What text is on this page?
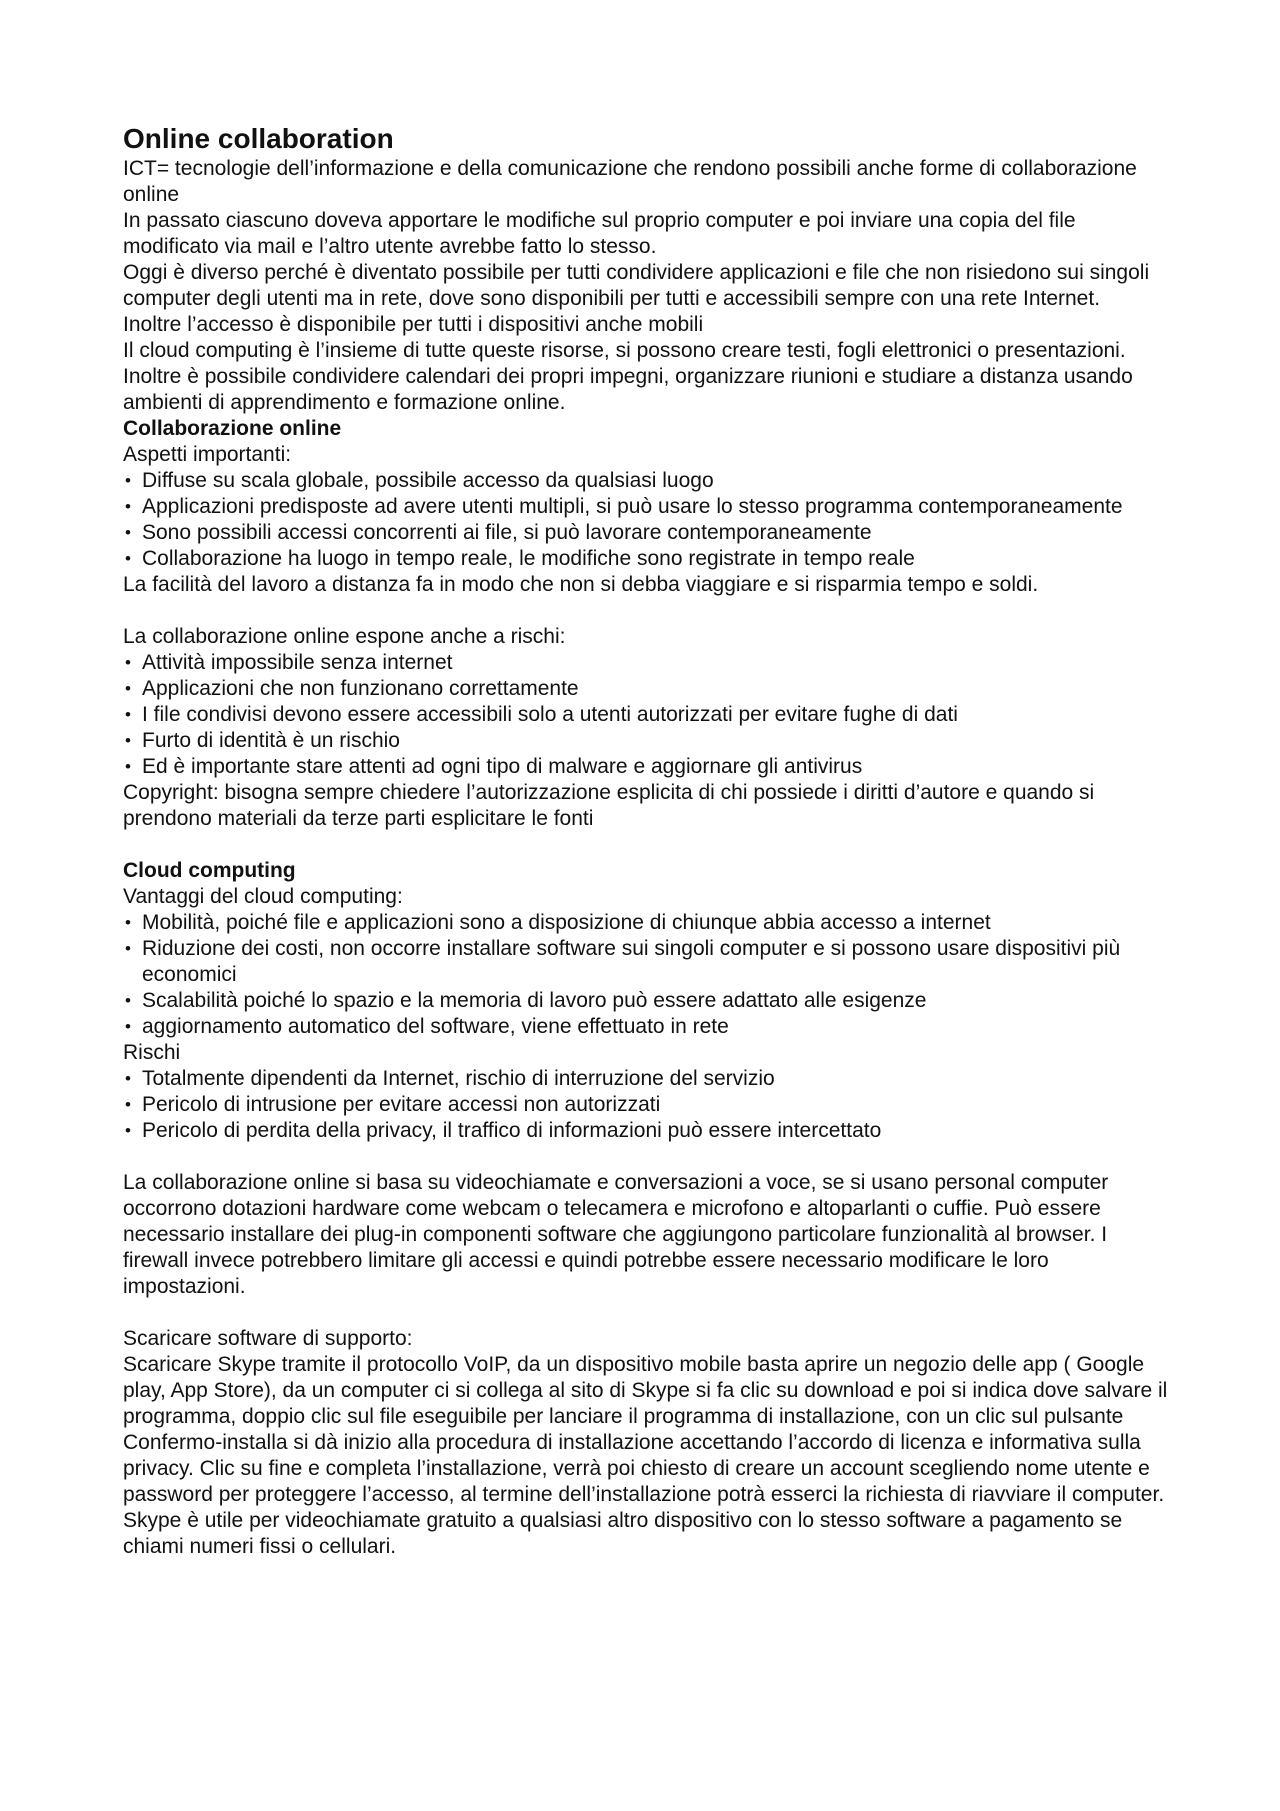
Online collaboration

ICT= tecnologie dell’informazione e della comunicazione che rendono possibili anche forme di collaborazione online

In passato ciascuno doveva apportare le modifiche sul proprio computer e poi inviare una copia del file modificato via mail e l’altro utente avrebbe fatto lo stesso.

Oggi è diverso perché è diventato possibile per tutti condividere applicazioni e file che non risiedono sui singoli computer degli utenti ma in rete, dove sono disponibili per tutti e accessibili sempre con una rete Internet.

Inoltre l’accesso è disponibile per tutti i dispositivi anche mobili

Il cloud computing è l’insieme di tutte queste risorse, si possono creare testi, fogli elettronici o presentazioni. Inoltre è possibile condividere calendari dei propri impegni, organizzare riunioni e studiare a distanza usando ambienti di apprendimento e formazione online.

Collaborazione online

Aspetti importanti:

• Diffuse su scala globale, possibile accesso da qualsiasi luogo
• Applicazioni predisposte ad avere utenti multipli, si può usare lo stesso programma contemporaneamente
• Sono possibili accessi concorrenti ai file, si può lavorare contemporaneamente
• Collaborazione ha luogo in tempo reale, le modifiche sono registrate in tempo reale

La facilità del lavoro a distanza fa in modo che non si debba viaggiare e si risparmia tempo e soldi.

La collaborazione online espone anche a rischi:

• Attività impossibile senza internet
• Applicazioni che non funzionano correttamente
• I file condivisi devono essere accessibili solo a utenti autorizzati per evitare fughe di dati
• Furto di identità è un rischio
• Ed è importante stare attenti ad ogni tipo di malware e aggiornare gli antivirus

Copyright: bisogna sempre chiedere l’autorizzazione esplicita di chi possiede i diritti d’autore e quando si prendono materiali da terze parti esplicitare le fonti

Cloud computing

Vantaggi del cloud computing:

• Mobilità, poiché file e applicazioni sono a disposizione di chiunque abbia accesso a internet
• Riduzione dei costi, non occorre installare software sui singoli computer e si possono usare dispositivi più economici
• Scalabilità poiché lo spazio e la memoria di lavoro può essere adattato alle esigenze
• aggiornamento automatico del software, viene effettuato in rete

Rischi

• Totalmente dipendenti da Internet, rischio di interruzione del servizio
• Pericolo di intrusione per evitare accessi non autorizzati
• Pericolo di perdita della privacy, il traffico di informazioni può essere intercettato

La collaborazione online si basa su videochiamate e conversazioni a voce, se si usano personal computer occorrono dotazioni hardware come webcam o telecamera e microfono e altoparlanti o cuffie. Può essere necessario installare dei plug-in componenti software che aggiungono particolare funzionalità al browser. I firewall invece potrebbero limitare gli accessi e quindi potrebbe essere necessario modificare le loro impostazioni.

Scaricare software di supporto:

Scaricare Skype tramite il protocollo VoIP, da un dispositivo mobile basta aprire un negozio delle app ( Google play, App Store), da un computer ci si collega al sito di Skype si fa clic su download e poi si indica dove salvare il programma, doppio clic sul file eseguibile per lanciare il programma di installazione, con un clic sul pulsante Confermo-installa si dà inizio alla procedura di installazione accettando l’accordo di licenza e informativa sulla privacy. Clic su fine e completa l’installazione, verrà poi chiesto di creare un account scegliendo nome utente e password per proteggere l’accesso, al termine dell’installazione potrà esserci la richiesta di riavviare il computer. Skype è utile per videochiamate gratuito a qualsiasi altro dispositivo con lo stesso software a pagamento se chiami numeri fissi o cellulari.
